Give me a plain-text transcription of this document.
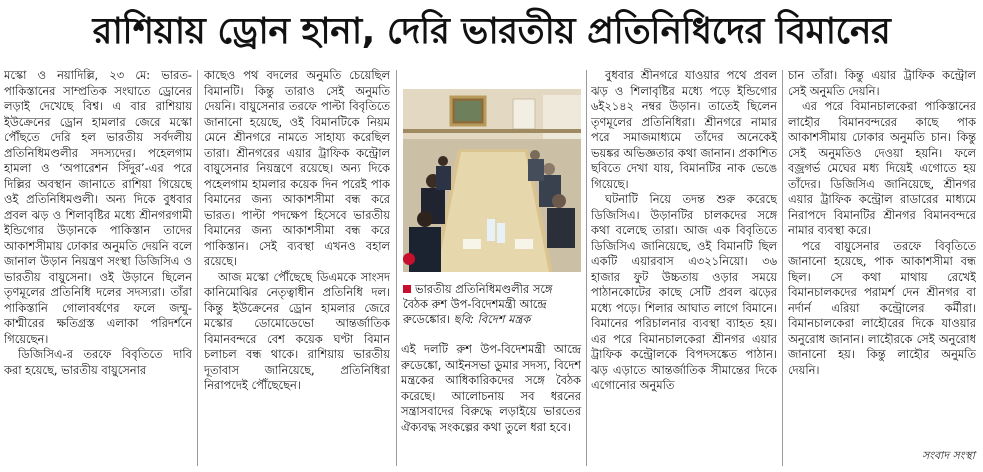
রাশিয়ায় ড্রোন হানা, দেরি ভারতীয় প্রতিনিধিদের বিমানের

মস্কো ও নয়াদিল্লি, ২৩ মে: ভারত-পাকিস্তানের সাম্প্রতিক সংঘাতে ড্রোনের লড়াই দেখেছে বিশ্ব। এ বার রাশিয়ায় ইউক্রেনের ড্রোন হামলার জেরে মস্কো পৌঁছতে দেরি হল ভারতীয় সর্বদলীয় প্রতিনিধিমণ্ডলীর সদস্যদের। পহেলগাম হামলা ও ‘অপারেশন সিঁদুর’-এর পরে দিল্লির অবস্থান জানাতে রাশিয়া গিয়েছে ওই প্রতিনিধিমণ্ডলী। অন্য দিকে বুধবার প্রবল ঝড় ও শিলাবৃষ্টির মধ্যে শ্রীনগরগামী ইন্ডিগোর উড়ানকে পাকিস্তান তাদের আকাশসীমায় ঢোকার অনুমতি দেয়নি বলে জানাল উড়ান নিয়ন্ত্রণ সংস্থা ডিজিসিএ ও ভারতীয় বায়ুসেনা। ওই উড়ানে ছিলেন তৃণমূলের প্রতিনিধি দলের সদস্যরা। তাঁরা পাকিস্তানি গোলাবর্ষণের ফলে জম্মু-কাশ্মীরের ক্ষতিগ্রস্ত এলাকা পরিদর্শনে গিয়েছেন।

ডিজিসিএ-র তরফে বিবৃতিতে দাবি করা হয়েছে, ভারতীয় বায়ুসেনার

কাছেও পথ বদলের অনুমতি চেয়েছিল বিমানটি। কিন্তু তারাও সেই অনুমতি দেয়নি। বায়ুসেনার তরফে পাল্টা বিবৃতিতে জানানো হয়েছে, ওই বিমানটিকে নিয়ম মেনে শ্রীনগরে নামতে সাহায্য করেছিল তারা। শ্রীনগরের এয়ার ট্রাফিক কন্ট্রোল বায়ুসেনার নিয়ন্ত্রণে রয়েছে। অন্য দিকে পহেলগাম হামলার কয়েক দিন পরেই পাক বিমানের জন্য আকাশসীমা বন্ধ করে ভারত। পাল্টা পদক্ষেপ হিসেবে ভারতীয় বিমানের জন্য আকাশসীমা বন্ধ করে পাকিস্তান। সেই ব্যবস্থা এখনও বহাল রয়েছে।

আজ মস্কো পৌঁছেছে ডিএমকে সাংসদ কানিমোঝির নেতৃত্বাধীন প্রতিনিধি দল। কিন্তু ইউক্রেনের ড্রোন হামলার জেরে মস্কোর ডোমোডেভো আন্তর্জাতিক বিমানবন্দরে বেশ কয়েক ঘণ্টা বিমান চলাচল বন্ধ থাকে। রাশিয়ায় ভারতীয় দূতাবাস জানিয়েছে, প্রতিনিধিরা নিরাপদেই পৌঁছেছেন।

ভারতীয় প্রতিনিধিমণ্ডলীর সঙ্গে বৈঠক রুশ উপ-বিদেশমন্ত্রী আন্দ্রে রুডেঙ্কোর। ছবি: বিদেশ মন্ত্রক

এই দলটি রুশ উপ-বিদেশমন্ত্রী আন্দ্রে রুডেঙ্কো, আইনসভা ডুমার সদস্য, বিদেশ মন্ত্রকের আধিকারিকদের সঙ্গে বৈঠক করেছে। আলোচনায় সব ধরনের সন্ত্রাসবাদের বিরুদ্ধে লড়াইয়ে ভারতের ঐক্যবদ্ধ সংকল্পের কথা তুলে ধরা হবে।

বুধবার শ্রীনগরে যাওয়ার পথে প্রবল ঝড় ও শিলাবৃষ্টির মধ্যে পড়ে ইন্ডিগোর ৬ই২১৪২ নম্বর উড়ান। তাতেই ছিলেন তৃণমূলের প্রতিনিধিরা। শ্রীনগরে নামার পরে সমাজমাধ্যমে তাঁদের অনেকেই ভয়ঙ্কর অভিজ্ঞতার কথা জানান। প্রকাশিত ছবিতে দেখা যায়, বিমানটির নাক ভেঙে গিয়েছে।

ঘটনাটি নিয়ে তদন্ত শুরু করেছে ডিজিসিএ। উড়ানটির চালকদের সঙ্গে কথা বলেছে তারা। আজ এক বিবৃতিতে ডিজিসিএ জানিয়েছে, ওই বিমানটি ছিল একটি এয়ারবাস এ৩২১নিয়ো। ৩৬ হাজার ফুট উচ্চতায় ওড়ার সময়ে পাঠানকোটের কাছে সেটি প্রবল ঝড়ের মধ্যে পড়ে। শিলার আঘাত লাগে বিমানে। বিমানের পরিচালনার ব্যবস্থা ব্যাহত হয়। এর পরে বিমানচালকেরা শ্রীনগর এয়ার ট্রাফিক কন্ট্রোলকে বিপদসঙ্কেত পাঠান। ঝড় এড়াতে আন্তর্জাতিক সীমান্তের দিকে এগোনোর অনুমতি

চান তাঁরা। কিন্তু এয়ার ট্রাফিক কন্ট্রোল সেই অনুমতি দেয়নি।

এর পরে বিমানচালকেরা পাকিস্তানের লাহৌর বিমানবন্দরের কাছে পাক আকাশসীমায় ঢোকার অনুমতি চান। কিন্তু সেই অনুমতিও দেওয়া হয়নি। ফলে বজ্রগর্ভ মেঘের মধ্য দিয়েই এগোতে হয় তাঁদের। ডিজিসিএ জানিয়েছে, শ্রীনগর এয়ার ট্রাফিক কন্ট্রোল রাডারের মাধ্যমে নিরাপদে বিমানটির শ্রীনগর বিমানবন্দরে নামার ব্যবস্থা করে।

পরে বায়ুসেনার তরফে বিবৃতিতে জানানো হয়েছে, পাক আকাশসীমা বন্ধ ছিল। সে কথা মাথায় রেখেই বিমানচালকদের পরামর্শ দেন শ্রীনগর বা নর্দার্ন এরিয়া কন্ট্রোলের কর্মীরা। বিমানচালকেরা লাহৌরের দিকে যাওয়ার অনুরোধ জানান। লাহৌরকে সেই অনুরোধ জানানো হয়। কিন্তু লাহৌর অনুমতি দেয়নি।

সংবাদ সংস্থা
